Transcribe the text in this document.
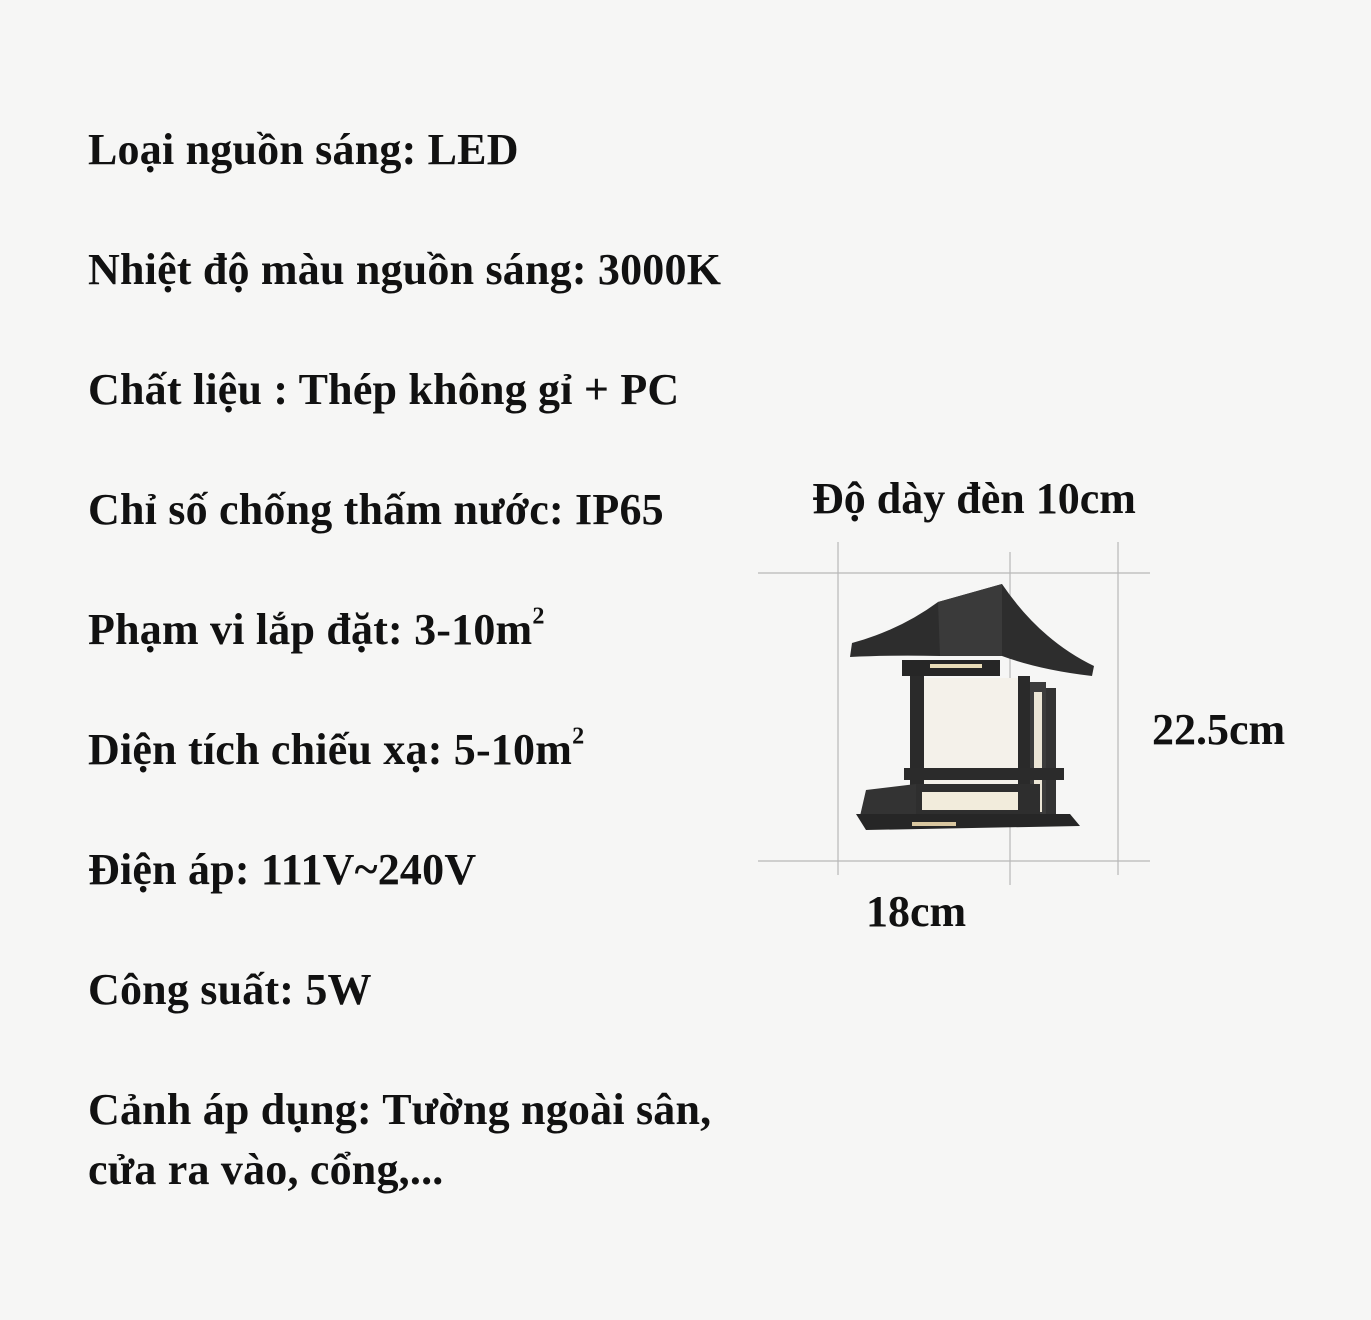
Loại nguồn sáng: LED
Nhiệt độ màu nguồn sáng: 3000K
Chất liệu : Thép không gỉ + PC
Chỉ số chống thấm nước: IP65
Phạm vi lắp đặt: $3-10m^2$
Diện tích chiếu xạ: $5-10m^2$
Điện áp: 111V~240V
Công suất: 5W
Cảnh áp dụng: Tường ngoài sân,
cửa ra vào, cổng,...
Độ dày đèn 10cm
22.5cm
18cm
